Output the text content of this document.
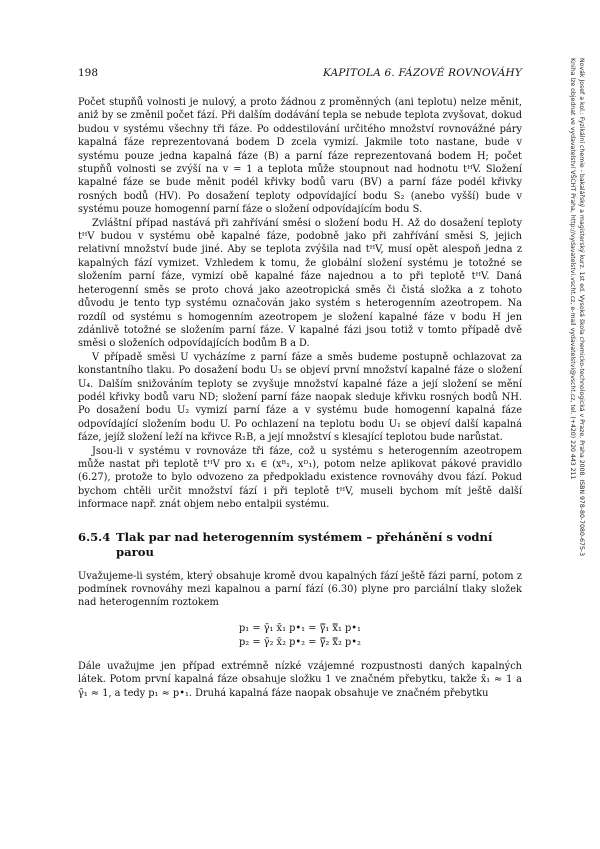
198	KAPITOLA 6. FÁZOVÉ ROVNOVÁHY	Novák Josef a kol.: Fyzikální chemie - bakalářský a magisterský kurz. 1st ed. Vysoká škola chemicko-technologická v Praze, Praha 2008. ISBN 978-80-7080-675-3
Kniha lze objednat ve vydavatelství VŠCHT Praha, http://vydavatelstvi.vscht.cz, e-mail vydavatelstvi@vscht.cz, tel. (+420) 220 443 211

Počet stupňů volnosti je nulový, a proto žádnou z proměnných (ani teplotu) nelze měnit, aniž by se změnil počet fází. Při dalším dodávání tepla se nebude teplota zvyšovat, dokud budou v systému všechny tři fáze. Po oddestilování určitého množství rovnovážné páry kapalná fáze reprezentovaná bodem D zcela vymizí. Jakmile toto nastane, bude v systému pouze jedna kapalná fáze (B) a parní fáze reprezentovaná bodem H; počet stupňů volnosti se zvýší na v = 1 a teplota může stoupnout nad hodnotu tᴴV. Složení kapalné fáze se bude měnit podél křivky bodů varu (BV) a parní fáze podél křivky rosných bodů (HV). Po dosažení teploty odpovídající bodu S₂ (anebo vyšší) bude v systému pouze homogenní parní fáze o složení odpovídajícím bodu S.

Zvláštní případ nastává při zahřívání směsi o složení bodu H. Až do dosažení teploty tᴴV budou v systému obě kapalné fáze, podobně jako při zahřívání směsi S, jejich relativní množství bude jiné. Aby se teplota zvýšila nad tᴴV, musí opět alespoň jedna z kapalných fází vymizet. Vzhledem k tomu, že globální složení systému je totožné se složením parní fáze, vymizí obě kapalné fáze najednou a to při teplotě tᴴV. Daná heterogenní směs se proto chová jako azeotropická směs či čistá složka a z tohoto důvodu je tento typ systému označován jako systém s heterogenním azeotropem. Na rozdíl od systému s homogenním azeotropem je složení kapalné fáze v bodu H jen zdánlivě totožné se složením parní fáze. V kapalné fázi jsou totiž v tomto případě dvě směsi o složeních odpovídajících bodům B a D.

V případě směsi U vycházíme z parní fáze a směs budeme postupně ochlazovat za konstantního tlaku. Po dosažení bodu U₃ se objeví první množství kapalné fáze o složení U₄. Dalším snižováním teploty se zvyšuje množství kapalné fáze a její složení se mění podél křivky bodů varu ND; složení parní fáze naopak sleduje křivku rosných bodů NH. Po dosažení bodu U₂ vymizí parní fáze a v systému bude homogenní kapalná fáze odpovídající složením bodu U. Po ochlazení na teplotu bodu U₁ se objeví další kapalná fáze, jejíž složení leží na křivce R₁B, a její množství s klesající teplotou bude narůstat.

Jsou-li v systému v rovnováze tři fáze, což u systému s heterogenním azeotropem může nastat při teplotě tᴴV pro x₁ ∈ (xᴮ₁, xᴰ₁), potom nelze aplikovat pákové pravidlo (6.27), protože to bylo odvozeno za předpokladu existence rovnováhy dvou fází. Pokud bychom chtěli určit množství fází i při teplotě tᴴV, museli bychom mít ještě další informace např. znát objem nebo entalpii systému.

6.5.4 Tlak par nad heterogenním systémem – přehánění s vodní parou

Uvažujeme-li systém, který obsahuje kromě dvou kapalných fází ještě fázi parní, potom z podmínek rovnováhy mezi kapalnou a parní fází (6.30) plyne pro parciální tlaky složek nad heterogenním roztokem

p₁ = γ̄₁ x̄₁ p•₁ = γ̿₁ x̿₁ p•₁
p₂ = γ̄₂ x̄₂ p•₂ = γ̿₂ x̿₂ p•₂

Dále uvažujme jen případ extrémně nízké vzájemné rozpustnosti daných kapalných látek. Potom první kapalná fáze obsahuje složku 1 ve značném přebytku, takže x̄₁ ≈ 1 a γ̄₁ ≈ 1, a tedy p₁ ≈ p•₁. Druhá kapalná fáze naopak obsahuje ve značném přebytku
